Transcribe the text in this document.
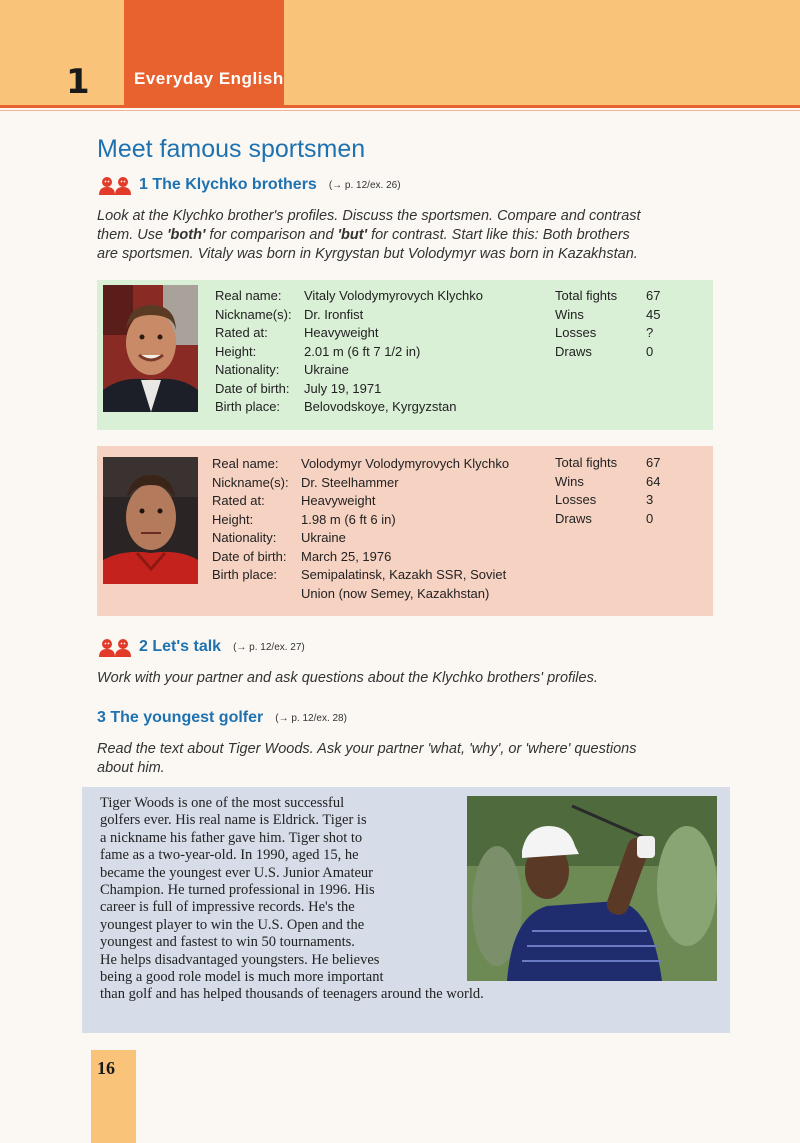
1	Everyday English
Meet famous sportsmen
1 The Klychko brothers (→ p. 12/ex. 26)
Look at the Klychko brother's profiles. Discuss the sportsmen. Compare and contrast
them. Use 'both' for comparison and 'but' for contrast. Start like this: Both brothers
are sportsmen. Vitaly was born in Kyrgystan but Volodymyr was born in Kazakhstan.
Real name:	Vitaly Volodymyrovych Klychko
Nickname(s): Dr. Ironfist
Rated at:	Heavyweight
Height:	2.01 m (6 ft 7 1/2 in)
Nationality:	Ukraine
Date of birth:	July 19, 1971
Birth place:	Belovodskoye, Kyrgyzstan
Total fights	67
Wins	45
Losses	?
Draws	0
Real name:	Volodymyr Volodymyrovych Klychko
Nickname(s): Dr. Steelhammer
Rated at:	Heavyweight
Height:	1.98 m (6 ft 6 in)
Nationality:	Ukraine
Date of birth:	March 25, 1976
Birth place:	Semipalatinsk, Kazakh SSR, Soviet
Union (now Semey, Kazakhstan)
Total fights	67
Wins	64
Losses	3
Draws	0
2 Let's talk (→ p. 12/ex. 27)
Work with your partner and ask questions about the Klychko brothers' profiles.
3 The youngest golfer (→ p. 12/ex. 28)
Read the text about Tiger Woods. Ask your partner 'what, 'why', or 'where' questions
about him.
Tiger Woods is one of the most successful
golfers ever. His real name is Eldrick. Tiger is
a nickname his father gave him. Tiger shot to
fame as a two-year-old. In 1990, aged 15, he
became the youngest ever U.S. Junior Amateur
Champion. He turned professional in 1996. His
career is full of impressive records. He's the
youngest player to win the U.S. Open and the
youngest and fastest to win 50 tournaments.
He helps disadvantaged youngsters. He believes
being a good role model is much more important
than golf and has helped thousands of teenagers around the world.
16
